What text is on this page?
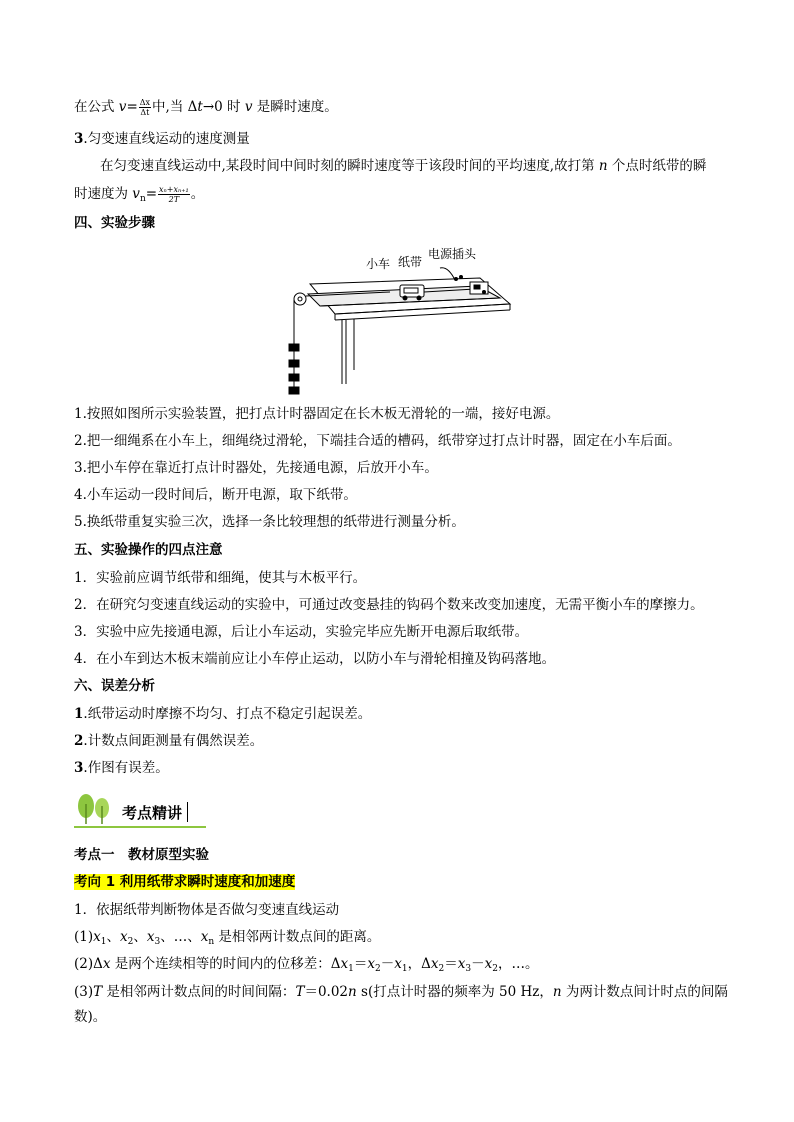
在公式 $v= \frac{\Delta x}{\Delta t}$ 中,当 Δt→0 时 v 是瞬时速度。
3.匀变速直线运动的速度测量
在匀变速直线运动中,某段时间中间时刻的瞬时速度等于该段时间的平均速度,故打第 n 个点时纸带的瞬
时速度为 $v_n= \frac{\text{xₙ+xₙ₊₁}}{2T}$ 。
四、实验步骤
小车 纸带
电源插头
1.按照如图所示实验装置，把打点计时器固定在长木板无滑轮的一端，接好电源。
2.把一细绳系在小车上，细绳绕过滑轮，下端挂合适的槽码，纸带穿过打点计时器，固定在小车后面。
3.把小车停在靠近打点计时器处，先接通电源，后放开小车。
4.小车运动一段时间后，断开电源，取下纸带。
5.换纸带重复实验三次，选择一条比较理想的纸带进行测量分析。
五、实验操作的四点注意
1．实验前应调节纸带和细绳，使其与木板平行。
2．在研究匀变速直线运动的实验中，可通过改变悬挂的钩码个数来改变加速度，无需平衡小车的摩擦力。
3．实验中应先接通电源，后让小车运动，实验完毕应先断开电源后取纸带。
4．在小车到达木板末端前应让小车停止运动，以防小车与滑轮相撞及钩码落地。
六、误差分析
1.纸带运动时摩擦不均匀、打点不稳定引起误差。
2.计数点间距测量有偶然误差。
3.作图有误差。
考点精讲
考点一　教材原型实验
考向 1 利用纸带求瞬时速度和加速度
1．依据纸带判断物体是否做匀变速直线运动
$(1)x_1$、$x_2$、$x_3$、…、$x_n$ 是相邻两计数点间的距离。
(2)Δx 是两个连续相等的时间内的位移差：$\Delta x_1=x_2-x_1$，$\Delta x_2=x_3-x_2$，…。
(3)T 是相邻两计数点间的时间间隔：T＝0.02n s(打点计时器的频率为 50 Hz，n 为两计数点间计时点的间隔
数)。
